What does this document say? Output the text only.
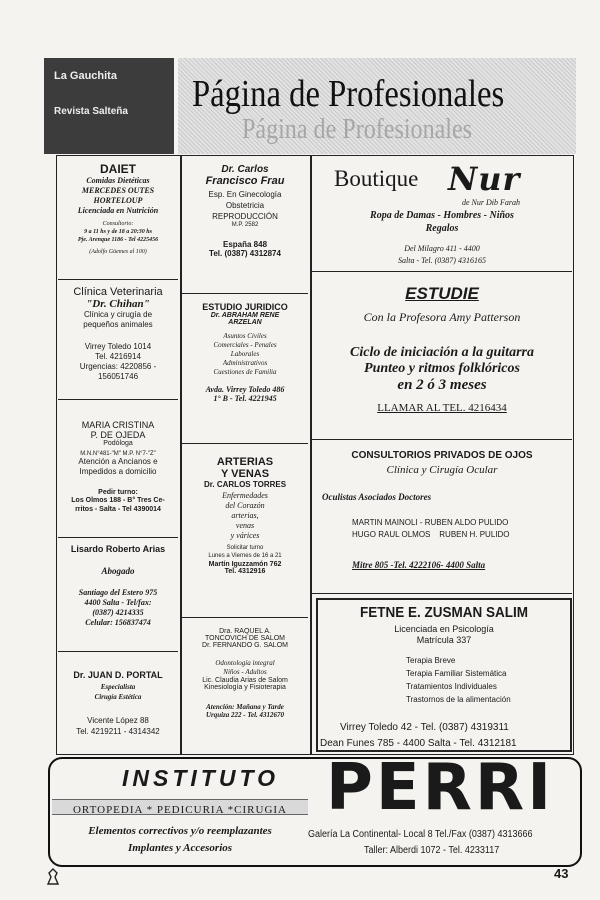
La Gauchita
Revista Salteña Página de Profesionales
Página de Profesionales
DAIET
Comidas Dietéticas
MERCEDES OUTES
HORTELOUP
Licenciada en Nutrición
Consultorio:
9 a 11 hs y de 18 a 20:30 hs
Pje. Arenque 1186 - Tel 4225456
(Adolfo Güemes al 100)
Clínica Veterinaria
"Dr. Chihan"
Clínica y cirugía de
pequeños animales
Virrey Toledo 1014
Tel. 4216914
Urgencias: 4220856 -
156051746
MARIA CRISTINA
P. DE OJEDA
Podóloga
M.N.N°481-"M" M.P. N°7-"Z"
Atención a Ancianos e
Impedidos a domicilio
Pedir turno:
Los Olmos 188 - B° Tres Ce-
rritos - Salta - Tel 4390014
Lisardo Roberto Arias
Abogado
Santiago del Estero 975
4400 Salta - Tel/fax:
(0387) 4214335
Celular: 156837474
Dr. JUAN D. PORTAL
Especialista
Cirugía Estética
Vicente López 88
Tel. 4219211 - 4314342
Dr. Carlos
Francisco Frau
Esp. En Ginecología
Obstetricia
REPRODUCCIÓN
M.P. 2582
España 848
Tel. (0387) 4312874
ESTUDIO JURIDICO
Dr. ABRAHAM RENE
ARZELAN
Asuntos Civiles
Comerciales - Penales
Laborales
Administrativos
Cuestiones de Familia
Avda. Virrey Toledo 486
1° B - Tel. 4221945
ARTERIAS
Y VENAS
Dr. CARLOS TORRES
Enfermedades
del Corazón
arterias,
venas
y várices
Solicitar turno
Lunes a Viernes de 16 a 21
Martín Iguzzamón 762
Tel. 4312916
Dra. RAQUEL A.
TONCOVICH DE SALOM
Dr. FERNANDO G. SALOM
Odontología integral
Niños - Adultos
Lic. Claudia Arias de Salom
Kinesiología y Fisioterapia
Atención: Mañana y Tarde
Urquiza 222 - Tel. 4312670
Boutique Nur
de Nur Dib Farah
Ropa de Damas - Hombres - Niños
Regalos
Del Milagro 411 - 4400
Salta - Tel. (0387) 4316165
ESTUDIE
Con la Profesora Amy Patterson
Ciclo de iniciación a la guitarra
Punteo y ritmos folklóricos
en 2 ó 3 meses
LLAMAR AL TEL. 4216434
CONSULTORIOS PRIVADOS DE OJOS
Clínica y Cirugía Ocular
Oculistas Asociados Doctores
MARTIN MAINOLI - RUBEN ALDO PULIDO
HUGO RAUL OLMOS    RUBEN H. PULIDO
Mitre 805 -Tel. 4222106- 4400 Salta
FETNE E. ZUSMAN SALIM
Licenciada en Psicología
Matrícula 337
Terapia Breve
Terapia Familiar Sistemática
Tratamientos Individuales
Trastornos de la alimentación
Virrey Toledo 42 - Tel. (0387) 4319311
Dean Funes 785 - 4400 Salta - Tel. 4312181
INSTITUTO
ORTOPEDIA * PEDICURIA *CIRUGIA PERRI
Elementos correctivos y/o reemplazantes
Implantes y Accesorios
Galería La Continental- Local 8 Tel./Fax (0387) 4313666
Taller: Alberdi 1072 - Tel. 4233117
43
